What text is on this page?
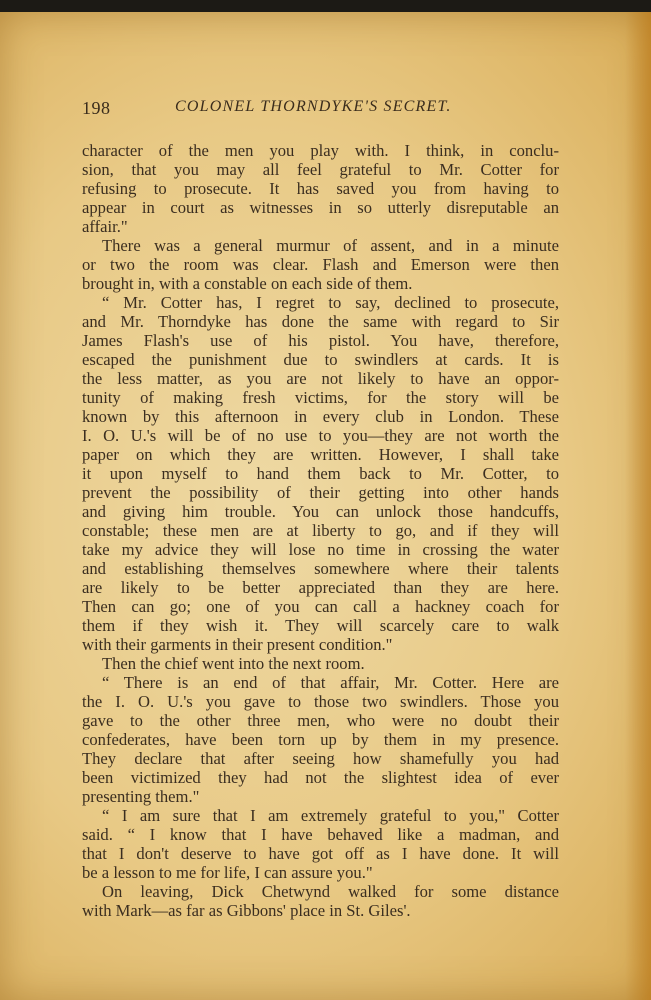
198	COLONEL THORNDYKE'S SECRET.
character of the men you play with. I think, in conclu-
sion, that you may all feel grateful to Mr. Cotter for
refusing to prosecute. It has saved you from having to
appear in court as witnesses in so utterly disreputable an
affair."
There was a general murmur of assent, and in a minute
or two the room was clear. Flash and Emerson were then
brought in, with a constable on each side of them.
“ Mr. Cotter has, I regret to say, declined to prosecute,
and Mr. Thorndyke has done the same with regard to Sir
James Flash's use of his pistol. You have, therefore,
escaped the punishment due to swindlers at cards. It is
the less matter, as you are not likely to have an oppor-
tunity of making fresh victims, for the story will be
known by this afternoon in every club in London. These
I. O. U.'s will be of no use to you—they are not worth the
paper on which they are written. However, I shall take
it upon myself to hand them back to Mr. Cotter, to
prevent the possibility of their getting into other hands
and giving him trouble. You can unlock those handcuffs,
constable; these men are at liberty to go, and if they will
take my advice they will lose no time in crossing the water
and establishing themselves somewhere where their talents
are likely to be better appreciated than they are here.
Then can go; one of you can call a hackney coach for
them if they wish it. They will scarcely care to walk
with their garments in their present condition."
Then the chief went into the next room.
“ There is an end of that affair, Mr. Cotter. Here are
the I. O. U.'s you gave to those two swindlers. Those you
gave to the other three men, who were no doubt their
confederates, have been torn up by them in my presence.
They declare that after seeing how shamefully you had
been victimized they had not the slightest idea of ever
presenting them."
“ I am sure that I am extremely grateful to you," Cotter
said. “ I know that I have behaved like a madman, and
that I don't deserve to have got off as I have done. It will
be a lesson to me for life, I can assure you."
On leaving, Dick Chetwynd walked for some distance
with Mark—as far as Gibbons' place in St. Giles'.
